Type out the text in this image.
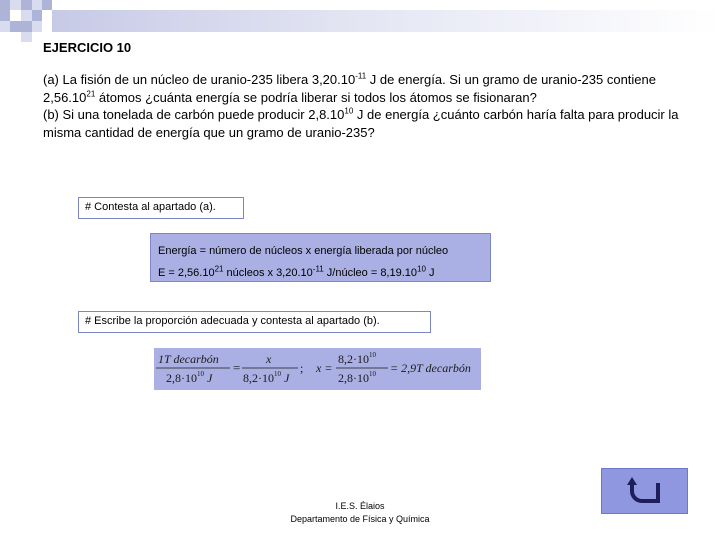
EJERCICIO 10

(a) La fisión de un núcleo de uranio-235 libera $3,20.10^{-11}$ J de energía. Si un gramo de uranio-235 contiene 2,56.10$^{21}$ átomos ¿cuánta energía se podría liberar si todos los átomos se fisionaran?

(b) Si una tonelada de carbón puede producir 2,8.10$^{10}$ J de energía ¿cuánto carbón haría falta para producir la misma cantidad de energía que un gramo de uranio-235?

# Contesta al apartado (a).
Energía = número de núcleos x energía liberada por núcleo
$E = 2,56.10^{21}$ núcleos x $3,20.10^{-11}$ J/núcleo = $8,19.10^{10}$ J
# Escribe la proporción adecuada y contesta al apartado (b).
1T decarbón
$2,8\cdot 10^{10}$ J
=
x
$8,2\cdot 10^{10}$ J
; x =
$8,2\cdot 10^{10}$
$2,8\cdot 10^{10} = 2,9T$ decarbón
I.E.S. Élaios
Departamento de Física y Química
